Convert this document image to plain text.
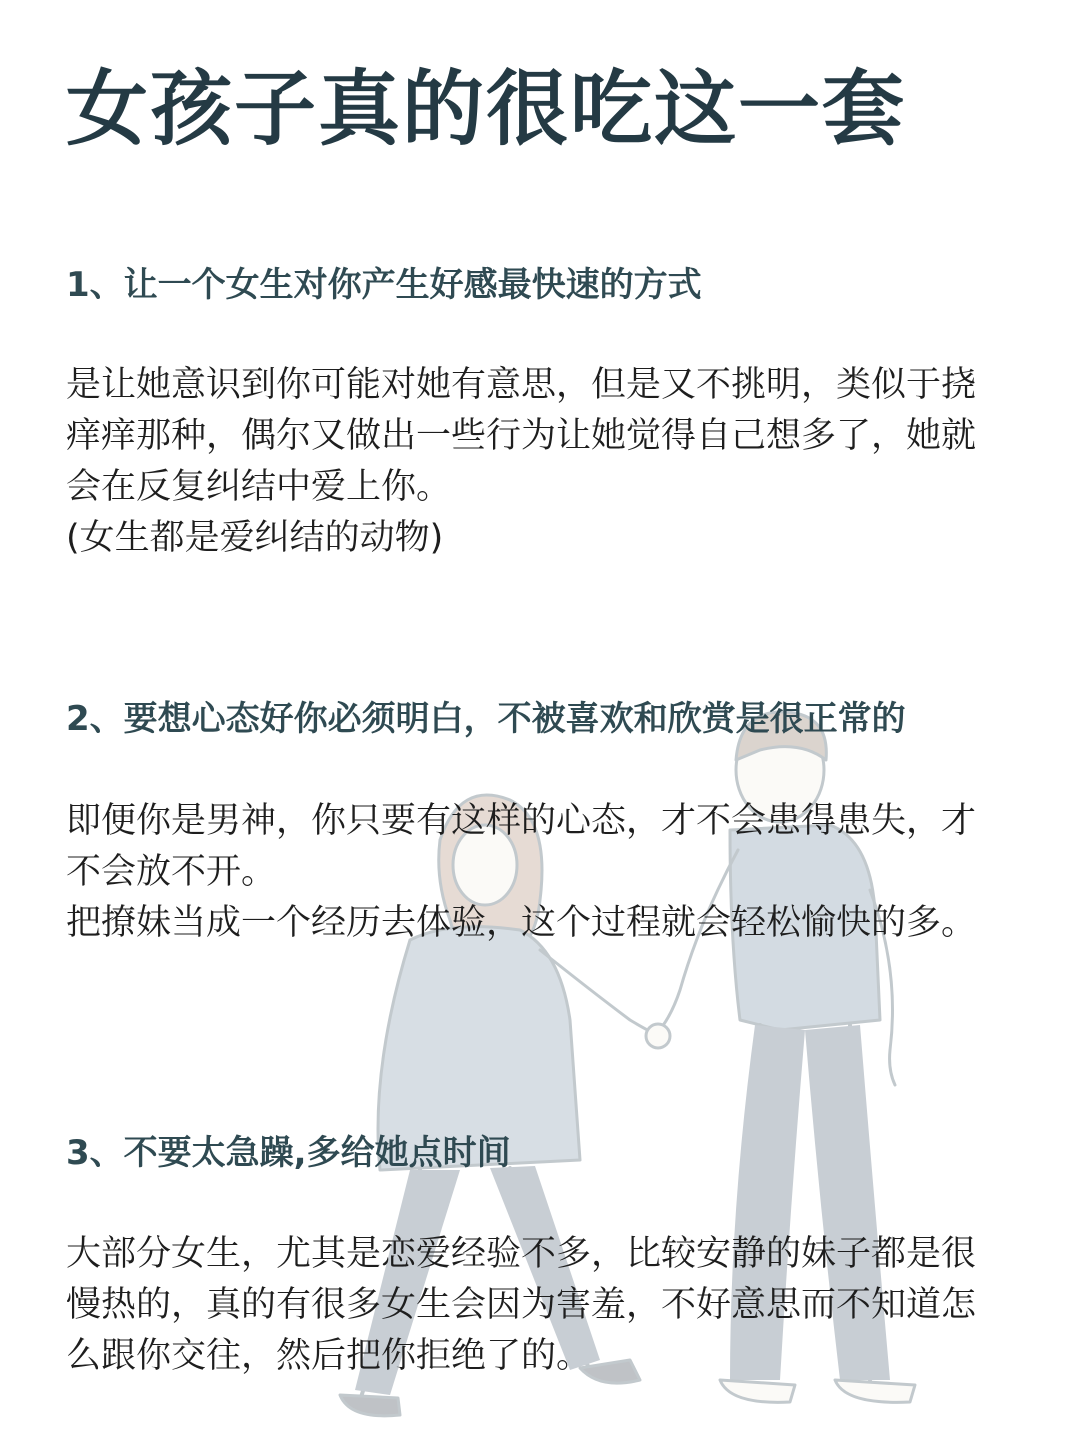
女孩子真的很吃这一套
1、让一个女生对你产生好感最快速的方式

是让她意识到你可能对她有意思，但是又不挑明，类似于挠痒痒那种，偶尔又做出一些行为让她觉得自己想多了，她就会在反复纠结中爱上你。

(女生都是爱纠结的动物)

2、要想心态好你必须明白，不被喜欢和欣赏是很正常的

即便你是男神，你只要有这样的心态，才不会患得患失，才不会放不开。

把撩妹当成一个经历去体验，这个过程就会轻松愉快的多。

3、不要太急躁,多给她点时间

大部分女生，尤其是恋爱经验不多，比较安静的妹子都是很慢热的，真的有很多女生会因为害羞，不好意思而不知道怎么跟你交往，然后把你拒绝了的。
